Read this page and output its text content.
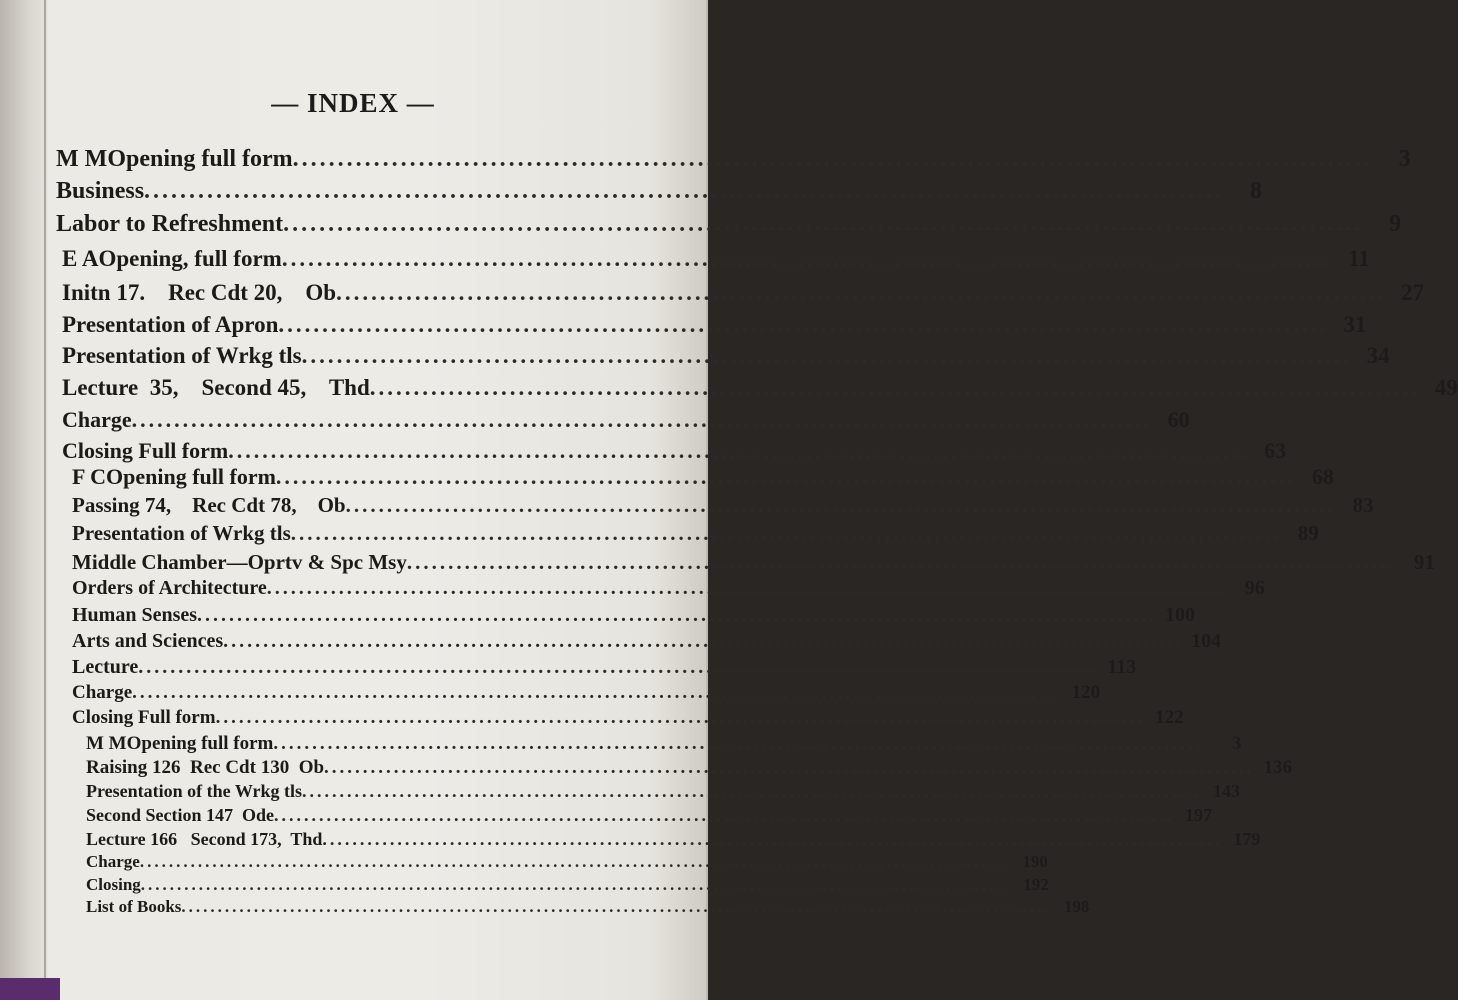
— INDEX —
M M Opening full form ........................................................................................................................	3
Business ........................................................................................................................	8
Labor to Refreshment ........................................................................................................................	9
E A Opening, full form ........................................................................................................................ 11
Initn 17.    Rec Cdt 20,    Ob ........................................................................................................................ 27
Presentation of Apron ........................................................................................................................ 31
Presentation of Wrkg tls ........................................................................................................................ 34
Lecture  35,    Second 45,    Thd ........................................................................................................................ 49
Charge ........................................................................................................................ 60
Closing Full form ........................................................................................................................ 63
F C Opening full form ........................................................................................................................ 68
Passing 74,    Rec Cdt 78,    Ob ........................................................................................................................ 83
Presentation of Wrkg tls ........................................................................................................................ 89
Middle Chamber—Oprtv & Spc Msy ........................................................................................................................ 91
Orders of Architecture ........................................................................................................................ 96
Human Senses ........................................................................................................................ 100
Arts and Sciences ........................................................................................................................ 104
Lecture ........................................................................................................................ 113
Charge ........................................................................................................................ 120
Closing Full form ........................................................................................................................ 122
M M Opening full form ........................................................................................................................	3
Raising 126  Rec Cdt 130  Ob ........................................................................................................................ 136
Presentation of the Wrkg tls ........................................................................................................................ 143
Second Section 147  Ode ........................................................................................................................ 197
Lecture 166   Second 173,  Thd ........................................................................................................................ 179
Charge ........................................................................................................................ 190
Closing ........................................................................................................................ 192
List of Books ........................................................................................................................ 198
